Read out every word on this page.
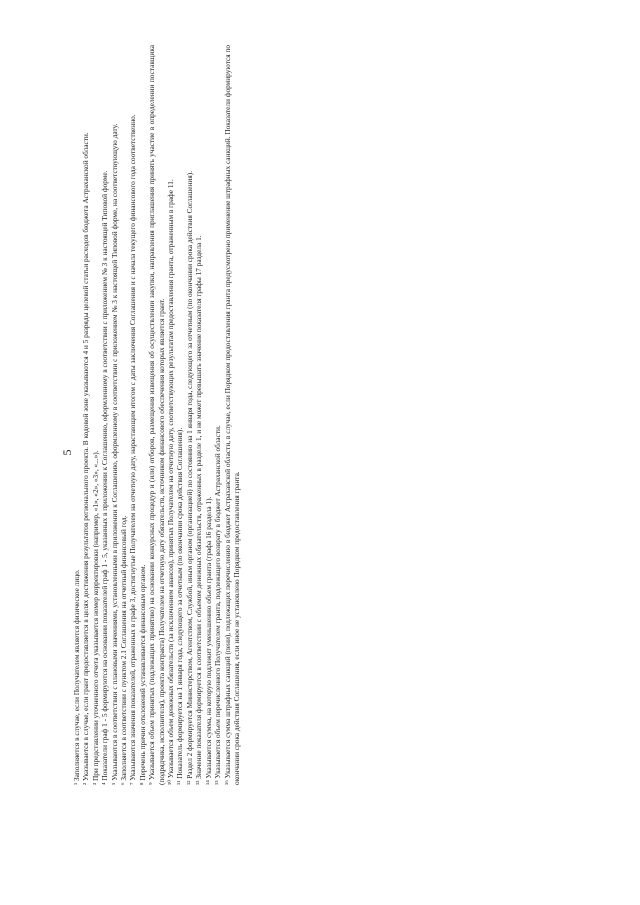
5

¹ Заполняется в случае, если Получателем является физическое лицо. ² Указывается в случае, если грант предоставляется в целях достижения результатов регионального проекта. В кодовой зоне указываются 4 и 5 разряды целевой статьи расходов бюджета Астраханской области. ³ При представлении уточненного отчета указывается номер корректировки (например, «1», «2», «3», «...»). ⁴ Показатели граф 1 - 5 формируются на основании показателей граф 1 - 5, указанных в приложении к Соглашению, оформленному в соответствии с приложением № 3 к настоящей Типовой форме. ⁵ Указываются в соответствии с плановыми значениями, установленными в приложении к Соглашению, оформленному в соответствии с приложением № 3 к настоящей Типовой форме, на соответствующую дату. ⁶ Заполняется в соответствии с пунктом 2.1 Соглашения на отчетный финансовый год. ⁷ Указываются значения показателей, отраженных в графе 3, достигнутые Получателем на отчетную дату, нарастающим итогом с даты заключения Соглашения и с начала текущего финансового года соответственно. ⁸ Перечень причин отклонений устанавливается финансовым органом. ⁹ Указывается объем принятых (подлежащих принятию) на основании конкурсных процедур и (или) отборов, размещения извещения об осуществлении закупки, направления приглашения принять участие в определении поставщика (подрядчика, исполнителя), проекта контракта) Получателем на отчетную дату обязательств, источником финансового обеспечения которых является грант. ¹⁰ Указывается объем денежных обязательств (за исключением авансов), принятых Получателем на отчетную дату, соответствующих результатам предоставления гранта, отраженным в графе 11. ¹¹ Показатель формируется на 1 января года, следующего за отчетным (по окончании срока действия Соглашения). ¹² Раздел 2 формируется Министерством, Агентством, Службой, иным органом (организацией) по состоянию на 1 января года, следующего за отчетным (по окончании срока действия Соглашения). ¹³ Значение показателя формируется в соответствии с объемом денежных обязательств, отраженных в разделе 1, и не может превышать значение показателя графы 17 раздела 1. ¹⁴ Указывается сумма, на которую подлежит уменьшению объем гранта (графа 16 раздела 1). ¹⁵ Указывается объем перечисленного Получателем гранта, подлежащего возврату в бюджет Астраханской области. ¹⁶ Указывается сумма штрафных санкций (пени), подлежащих перечислению в бюджет Астраханской области, в случае, если Порядком предоставления гранта предусмотрено применение штрафных санкций. Показатели формируются по окончании срока действия Соглашения, если иное не установлено Порядком предоставления гранта.
